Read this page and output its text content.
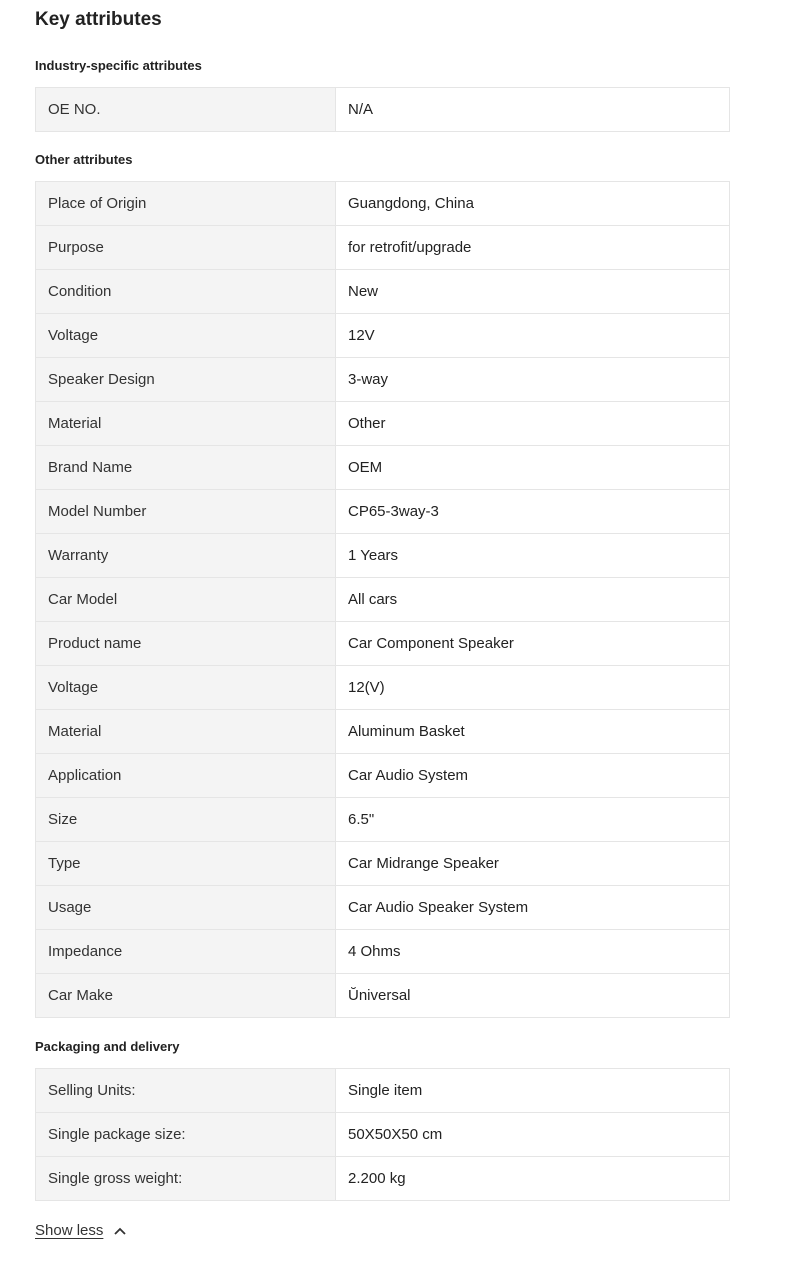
Key attributes
Industry-specific attributes
OE NO.	N/A
Other attributes
Place of Origin	Guangdong, China
Purpose	for retrofit/upgrade
Condition	New
Voltage	12V
Speaker Design	3-way
Material	Other
Brand Name	OEM
Model Number	CP65-3way-3
Warranty	1 Years
Car Model	All cars
Product name	Car Component Speaker
Voltage	12(V)
Material	Aluminum Basket
Application	Car Audio System
Size	6.5"
Type	Car Midrange Speaker
Usage	Car Audio Speaker System
Impedance	4 Ohms
Car Make	Ŭniversal
Packaging and delivery
Selling Units:	Single item
Single package size:	50X50X50 cm
Single gross weight:	2.200 kg
Show less
